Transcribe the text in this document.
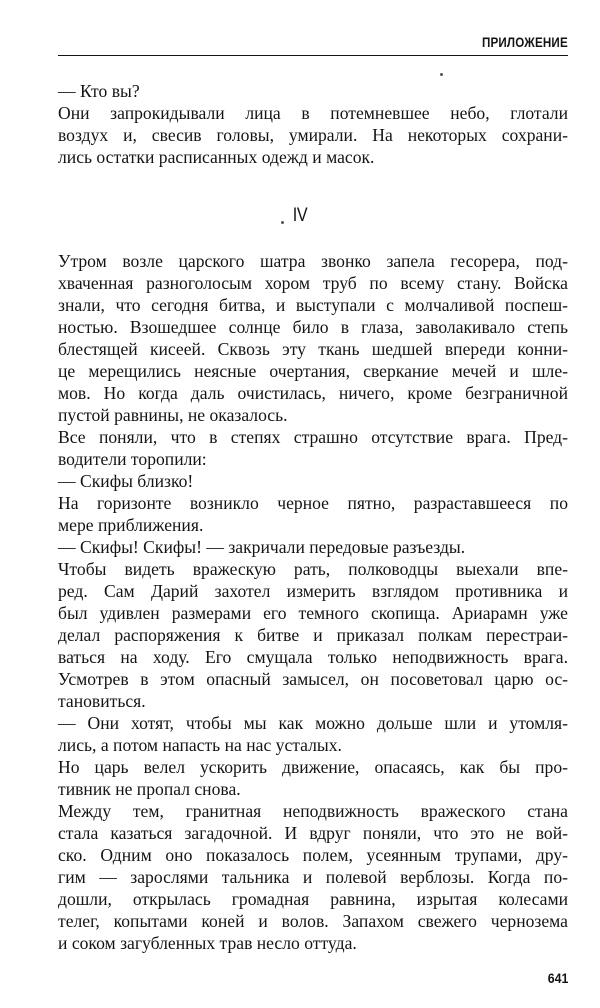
ПРИЛОЖЕНИЕ
— Кто вы?
Они запрокидывали лица в потемневшее небо, глотали
воздух и, свесив головы, умирали. На некоторых сохрани-
лись остатки расписанных одежд и масок.
IV
Утром возле царского шатра звонко запела гесорера, под-
хваченная разноголосым хором труб по всему стану. Войска
знали, что сегодня битва, и выступали с молчаливой поспеш-
ностью. Взошедшее солнце било в глаза, заволакивало степь
блестящей кисеей. Сквозь эту ткань шедшей впереди конни-
це мерещились неясные очертания, сверкание мечей и шле-
мов. Но когда даль очистилась, ничего, кроме безграничной
пустой равнины, не оказалось.
Все поняли, что в степях страшно отсутствие врага. Пред-
водители торопили:
— Скифы близко!
На горизонте возникло черное пятно, разраставшееся по
мере приближения.
— Скифы! Скифы! — закричали передовые разъезды.
Чтобы видеть вражескую рать, полководцы выехали впе-
ред. Сам Дарий захотел измерить взглядом противника и
был удивлен размерами его темного скопища. Ариарамн уже
делал распоряжения к битве и приказал полкам перестраи-
ваться на ходу. Его смущала только неподвижность врага.
Усмотрев в этом опасный замысел, он посоветовал царю ос-
тановиться.
— Они хотят, чтобы мы как можно дольше шли и утомля-
лись, а потом напасть на нас усталых.
Но царь велел ускорить движение, опасаясь, как бы про-
тивник не пропал снова.
Между тем, гранитная неподвижность вражеского стана
стала казаться загадочной. И вдруг поняли, что это не вой-
ско. Одним оно показалось полем, усеянным трупами, дру-
гим — зарослями тальника и полевой верблозы. Когда по-
дошли, открылась громадная равнина, изрытая колесами
телег, копытами коней и волов. Запахом свежего чернозема
и соком загубленных трав несло оттуда.
641
